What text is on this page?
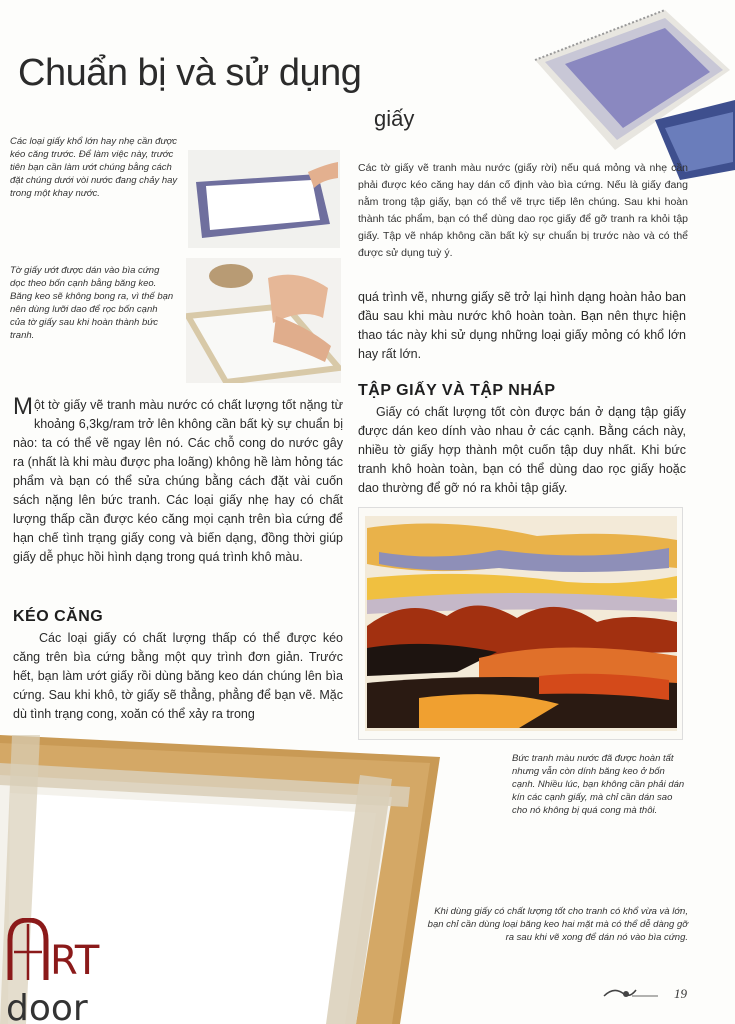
Chuẩn bị và sử dụng
giấy
Các loại giấy khổ lớn hay nhẹ cần được kéo căng trước. Để làm việc này, trước tiên bạn cần làm ướt chúng bằng cách đặt chúng dưới vòi nước đang chảy hay trong một khay nước.
Tờ giấy ướt được dán vào bìa cứng dọc theo bốn cạnh bằng băng keo. Băng keo sẽ không bong ra, vì thế bạn nên dùng lưỡi dao để rọc bốn cạnh của tờ giấy sau khi hoàn thành bức tranh.
Các tờ giấy vẽ tranh màu nước (giấy rời) nếu quá mỏng và nhẹ cần phải được kéo căng hay dán cố định vào bìa cứng. Nếu là giấy đang nằm trong tập giấy, bạn có thể vẽ trực tiếp lên chúng. Sau khi hoàn thành tác phẩm, bạn có thể dùng dao rọc giấy để gỡ tranh ra khỏi tập giấy. Tập vẽ nháp không cần bất kỳ sự chuẩn bị trước nào và có thể được sử dụng tuỳ ý.
quá trình vẽ, nhưng giấy sẽ trở lại hình dạng hoàn hảo ban đầu sau khi màu nước khô hoàn toàn. Bạn nên thực hiện thao tác này khi sử dụng những loại giấy mỏng có khổ lớn hay rất lớn.
TẬP GIẤY VÀ TẬP NHÁP
Giấy có chất lượng tốt còn được bán ở dạng tập giấy được dán keo dính vào nhau ở các cạnh. Bằng cách này, nhiều tờ giấy hợp thành một cuốn tập duy nhất. Khi bức tranh khô hoàn toàn, bạn có thể dùng dao rọc giấy hoặc dao thường để gỡ nó ra khỏi tập giấy.
Bức tranh màu nước đã được hoàn tất nhưng vẫn còn dính băng keo ở bốn cạnh. Nhiều lúc, bạn không cần phải dán kín các cạnh giấy, mà chỉ cần dán sao cho nó không bị quá cong mà thôi.
Một tờ giấy vẽ tranh màu nước có chất lượng tốt nặng từ khoảng 6,3kg/ram trở lên không cần bất kỳ sự chuẩn bị nào: ta có thể vẽ ngay lên nó. Các chỗ cong do nước gây ra (nhất là khi màu được pha loãng) không hề làm hỏng tác phẩm và bạn có thể sửa chúng bằng cách đặt vài cuốn sách nặng lên bức tranh. Các loại giấy nhẹ hay có chất lượng thấp cần được kéo căng mọi cạnh trên bìa cứng để hạn chế tình trạng giấy cong và biến dạng, đồng thời giúp giấy dễ phục hồi hình dạng trong quá trình khô màu.
KÉO CĂNG
Các loại giấy có chất lượng thấp có thể được kéo căng trên bìa cứng bằng một quy trình đơn giản. Trước hết, bạn làm ướt giấy rồi dùng băng keo dán chúng lên bìa cứng. Sau khi khô, tờ giấy sẽ thẳng, phẳng để bạn vẽ. Mặc dù tình trạng cong, xoăn có thể xảy ra trong
Khi dùng giấy có chất lượng tốt cho tranh có khổ vừa và lớn, bạn chỉ cần dùng loại băng keo hai mặt mà có thể dễ dàng gỡ ra sau khi vẽ xong để dán nó vào bìa cứng.
RT
door	19
